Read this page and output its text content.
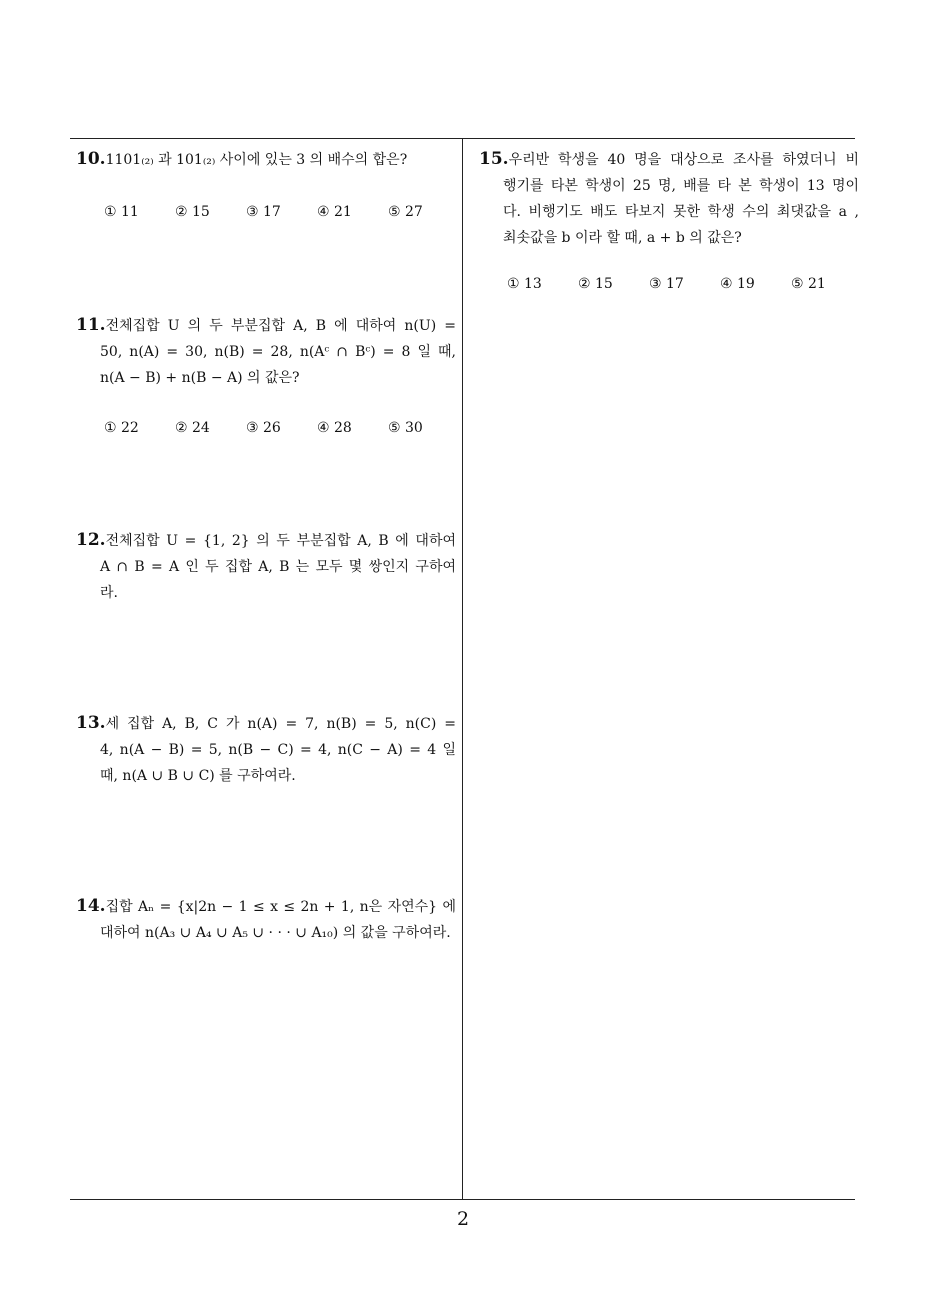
10.1101₍₂₎ 과 101₍₂₎ 사이에 있는 3 의 배수의 합은?
① 11	② 15	③ 17	④ 21	⑤ 27
11.전체집합 U 의 두 부분집합 A, B 에 대하여 n(U) =
50, n(A) = 30, n(B) = 28, n(Aᶜ ∩ Bᶜ) = 8 일 때,
n(A − B) + n(B − A) 의 값은?
① 22	② 24	③ 26	④ 28	⑤ 30
12.전체집합 U = {1, 2} 의 두 부분집합 A, B 에 대하여
A ∩ B = A 인 두 집합 A, B 는 모두 몇 쌍인지 구하여
라.
13.세 집합 A, B, C 가 n(A) = 7, n(B) = 5, n(C) =
4, n(A − B) = 5, n(B − C) = 4, n(C − A) = 4 일
때, n(A ∪ B ∪ C) 를 구하여라.
14.집합 Aₙ = {x|2n − 1 ≤ x ≤ 2n + 1, n은 자연수} 에
대하여 n(A₃ ∪ A₄ ∪ A₅ ∪ · · · ∪ A₁₀) 의 값을 구하여라.
15.우리반 학생을 40 명을 대상으로 조사를 하였더니 비
행기를 타본 학생이 25 명, 배를 타 본 학생이 13 명이
다. 비행기도 배도 타보지 못한 학생 수의 최댓값을 a ,
최솟값을 b 이라 할 때, a + b 의 값은?
① 13	② 15	③ 17	④ 19	⑤ 21
2
